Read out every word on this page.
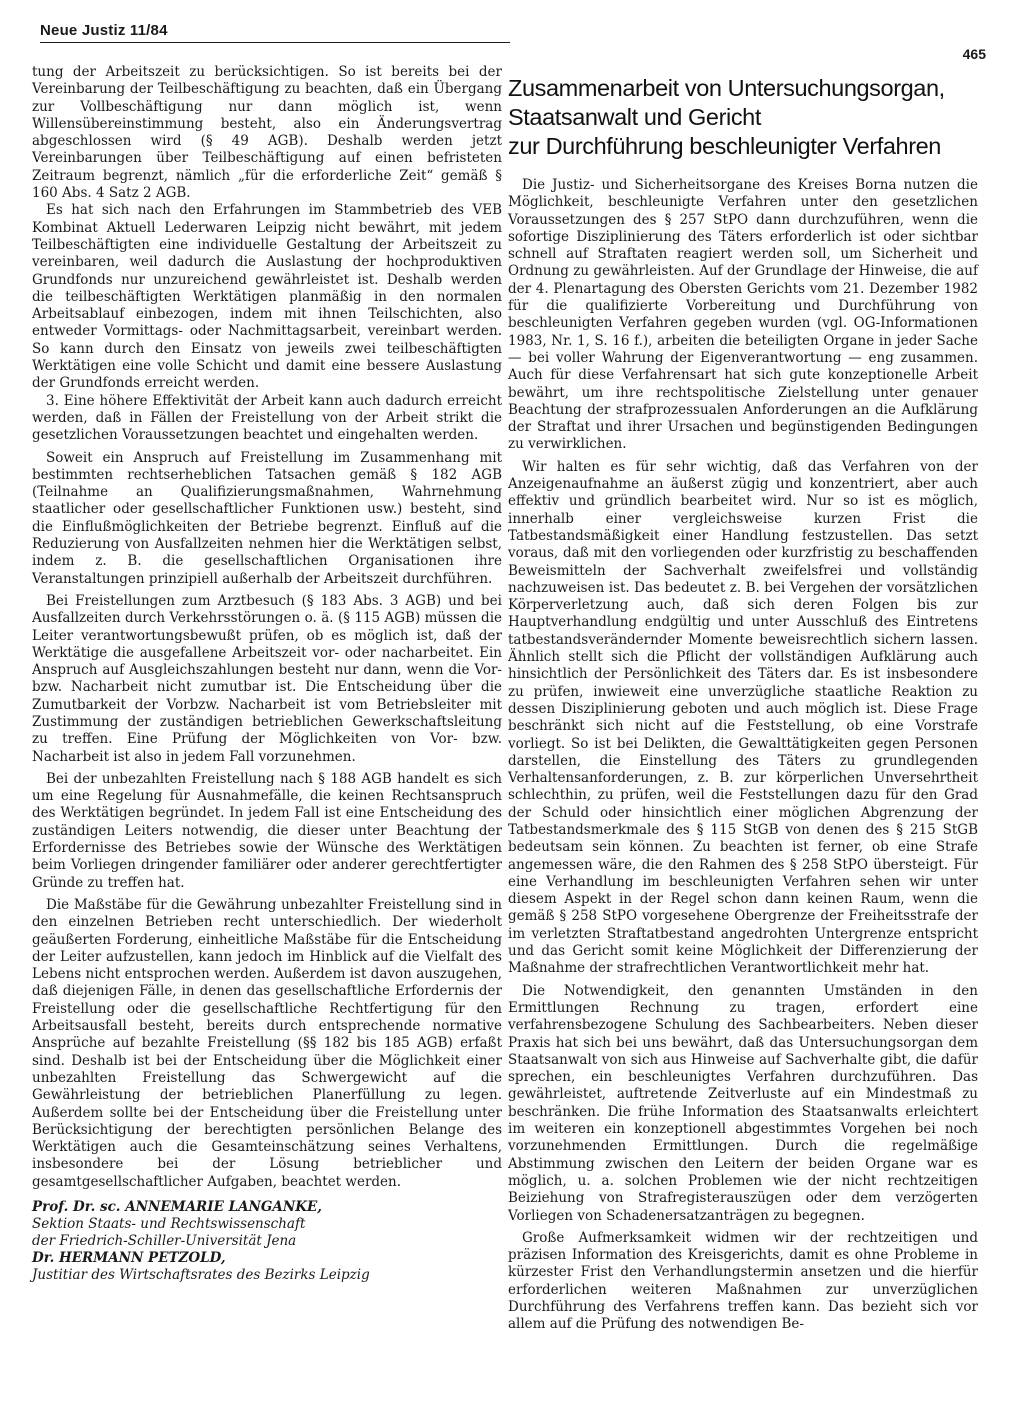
Neue Justiz 11/84
465

tung der Arbeitszeit zu berücksichtigen. So ist bereits bei der Vereinbarung der Teilbeschäftigung zu beachten, daß ein Übergang zur Vollbeschäftigung nur dann möglich ist, wenn Willensübereinstimmung besteht, also ein Änderungsvertrag abgeschlossen wird (§ 49 AGB). Deshalb werden jetzt Vereinbarungen über Teilbeschäftigung auf einen befristeten Zeitraum begrenzt, nämlich „für die erforderliche Zeit“ gemäß § 160 Abs. 4 Satz 2 AGB.

Es hat sich nach den Erfahrungen im Stammbetrieb des VEB Kombinat Aktuell Lederwaren Leipzig nicht bewährt, mit jedem Teilbeschäftigten eine individuelle Gestaltung der Arbeitszeit zu vereinbaren, weil dadurch die Auslastung der hochproduktiven Grundfonds nur unzureichend gewährleistet ist. Deshalb werden die teilbeschäftigten Werktätigen planmäßig in den normalen Arbeitsablauf einbezogen, indem mit ihnen Teilschichten, also entweder Vormittags- oder Nachmittagsarbeit, vereinbart werden. So kann durch den Einsatz von jeweils zwei teilbeschäftigten Werktätigen eine volle Schicht und damit eine bessere Auslastung der Grundfonds erreicht werden.

3. Eine höhere Effektivität der Arbeit kann auch dadurch erreicht werden, daß in Fällen der Freistellung von der Arbeit strikt die gesetzlichen Voraussetzungen beachtet und eingehalten werden.

Soweit ein Anspruch auf Freistellung im Zusammenhang mit bestimmten rechtserheblichen Tatsachen gemäß § 182 AGB (Teilnahme an Qualifizierungsmaßnahmen, Wahrnehmung staatlicher oder gesellschaftlicher Funktionen usw.) besteht, sind die Einflußmöglichkeiten der Betriebe begrenzt. Einfluß auf die Reduzierung von Ausfallzeiten nehmen hier die Werktätigen selbst, indem z. B. die gesellschaftlichen Organisationen ihre Veranstaltungen prinzipiell außerhalb der Arbeitszeit durchführen.

Bei Freistellungen zum Arztbesuch (§ 183 Abs. 3 AGB) und bei Ausfallzeiten durch Verkehrsstörungen o. ä. (§ 115 AGB) müssen die Leiter verantwortungsbewußt prüfen, ob es möglich ist, daß der Werktätige die ausgefallene Arbeitszeit vor- oder nacharbeitet. Ein Anspruch auf Ausgleichszahlungen besteht nur dann, wenn die Vor- bzw. Nacharbeit nicht zumutbar ist. Die Entscheidung über die Zumutbarkeit der Vorbzw. Nacharbeit ist vom Betriebsleiter mit Zustimmung der zuständigen betrieblichen Gewerkschaftsleitung zu treffen. Eine Prüfung der Möglichkeiten von Vor- bzw. Nacharbeit ist also in jedem Fall vorzunehmen.

Bei der unbezahlten Freistellung nach § 188 AGB handelt es sich um eine Regelung für Ausnahmefälle, die keinen Rechtsanspruch des Werktätigen begründet. In jedem Fall ist eine Entscheidung des zuständigen Leiters notwendig, die dieser unter Beachtung der Erfordernisse des Betriebes sowie der Wünsche des Werktätigen beim Vorliegen dringender familiärer oder anderer gerechtfertigter Gründe zu treffen hat.

Die Maßstäbe für die Gewährung unbezahlter Freistellung sind in den einzelnen Betrieben recht unterschiedlich. Der wiederholt geäußerten Forderung, einheitliche Maßstäbe für die Entscheidung der Leiter aufzustellen, kann jedoch im Hinblick auf die Vielfalt des Lebens nicht entsprochen werden. Außerdem ist davon auszugehen, daß diejenigen Fälle, in denen das gesellschaftliche Erfordernis der Freistellung oder die gesellschaftliche Rechtfertigung für den Arbeitsausfall besteht, bereits durch entsprechende normative Ansprüche auf bezahlte Freistellung (§§ 182 bis 185 AGB) erfaßt sind. Deshalb ist bei der Entscheidung über die Möglichkeit einer unbezahlten Freistellung das Schwergewicht auf die Gewährleistung der betrieblichen Planerfüllung zu legen. Außerdem sollte bei der Entscheidung über die Freistellung unter Berücksichtigung der berechtigten persönlichen Belange des Werktätigen auch die Gesamteinschätzung seines Verhaltens, insbesondere bei der Lösung betrieblicher und gesamtgesellschaftlicher Aufgaben, beachtet werden.

Prof. Dr. sc. ANNEMARIE LANGANKE,
Sektion Staats- und Rechtswissenschaft
der Friedrich-Schiller-Universität Jena
Dr. HERMANN PETZOLD,
Justitiar des Wirtschaftsrates des Bezirks Leipzig
Zusammenarbeit von Untersuchungsorgan,
Staatsanwalt und Gericht
zur Durchführung beschleunigter Verfahren

Die Justiz- und Sicherheitsorgane des Kreises Borna nutzen die Möglichkeit, beschleunigte Verfahren unter den gesetzlichen Voraussetzungen des § 257 StPO dann durchzuführen, wenn die sofortige Disziplinierung des Täters erforderlich ist oder sichtbar schnell auf Straftaten reagiert werden soll, um Sicherheit und Ordnung zu gewährleisten. Auf der Grundlage der Hinweise, die auf der 4. Plenartagung des Obersten Gerichts vom 21. Dezember 1982 für die qualifizierte Vorbereitung und Durchführung von beschleunigten Verfahren gegeben wurden (vgl. OG-Informationen 1983, Nr. 1, S. 16 f.), arbeiten die beteiligten Organe in jeder Sache — bei voller Wahrung der Eigenverantwortung — eng zusammen. Auch für diese Verfahrensart hat sich gute konzeptionelle Arbeit bewährt, um ihre rechtspolitische Zielstellung unter genauer Beachtung der strafprozessualen Anforderungen an die Aufklärung der Straftat und ihrer Ursachen und begünstigenden Bedingungen zu verwirklichen.

Wir halten es für sehr wichtig, daß das Verfahren von der Anzeigenaufnahme an äußerst zügig und konzentriert, aber auch effektiv und gründlich bearbeitet wird. Nur so ist es möglich, innerhalb einer vergleichsweise kurzen Frist die Tatbestandsmäßigkeit einer Handlung festzustellen. Das setzt voraus, daß mit den vorliegenden oder kurzfristig zu beschaffenden Beweismitteln der Sachverhalt zweifelsfrei und vollständig nachzuweisen ist. Das bedeutet z. B. bei Vergehen der vorsätzlichen Körperverletzung auch, daß sich deren Folgen bis zur Hauptverhandlung endgültig und unter Ausschluß des Eintretens tatbestandsverändernder Momente beweisrechtlich sichern lassen. Ähnlich stellt sich die Pflicht der vollständigen Aufklärung auch hinsichtlich der Persönlichkeit des Täters dar. Es ist insbesondere zu prüfen, inwieweit eine unverzügliche staatliche Reaktion zu dessen Disziplinierung geboten und auch möglich ist. Diese Frage beschränkt sich nicht auf die Feststellung, ob eine Vorstrafe vorliegt. So ist bei Delikten, die Gewalttätigkeiten gegen Personen darstellen, die Einstellung des Täters zu grundlegenden Verhaltensanforderungen, z. B. zur körperlichen Unversehrtheit schlechthin, zu prüfen, weil die Feststellungen dazu für den Grad der Schuld oder hinsichtlich einer möglichen Abgrenzung der Tatbestandsmerkmale des § 115 StGB von denen des § 215 StGB bedeutsam sein können. Zu beachten ist ferner, ob eine Strafe angemessen wäre, die den Rahmen des § 258 StPO übersteigt. Für eine Verhandlung im beschleunigten Verfahren sehen wir unter diesem Aspekt in der Regel schon dann keinen Raum, wenn die gemäß § 258 StPO vorgesehene Obergrenze der Freiheitsstrafe der im verletzten Straftatbestand angedrohten Untergrenze entspricht und das Gericht somit keine Möglichkeit der Differenzierung der Maßnahme der strafrechtlichen Verantwortlichkeit mehr hat.

Die Notwendigkeit, den genannten Umständen in den Ermittlungen Rechnung zu tragen, erfordert eine verfahrensbezogene Schulung des Sachbearbeiters. Neben dieser Praxis hat sich bei uns bewährt, daß das Untersuchungsorgan dem Staatsanwalt von sich aus Hinweise auf Sachverhalte gibt, die dafür sprechen, ein beschleunigtes Verfahren durchzuführen. Das gewährleistet, auftretende Zeitverluste auf ein Mindestmaß zu beschränken. Die frühe Information des Staatsanwalts erleichtert im weiteren ein konzeptionell abgestimmtes Vorgehen bei noch vorzunehmenden Ermittlungen. Durch die regelmäßige Abstimmung zwischen den Leitern der beiden Organe war es möglich, u. a. solchen Problemen wie der nicht rechtzeitigen Beiziehung von Strafregisterauszügen oder dem verzögerten Vorliegen von Schadenersatzanträgen zu begegnen.

Große Aufmerksamkeit widmen wir der rechtzeitigen und präzisen Information des Kreisgerichts, damit es ohne Probleme in kürzester Frist den Verhandlungstermin ansetzen und die hierfür erforderlichen weiteren Maßnahmen zur unverzüglichen Durchführung des Verfahrens treffen kann. Das bezieht sich vor allem auf die Prüfung des notwendigen Be-
